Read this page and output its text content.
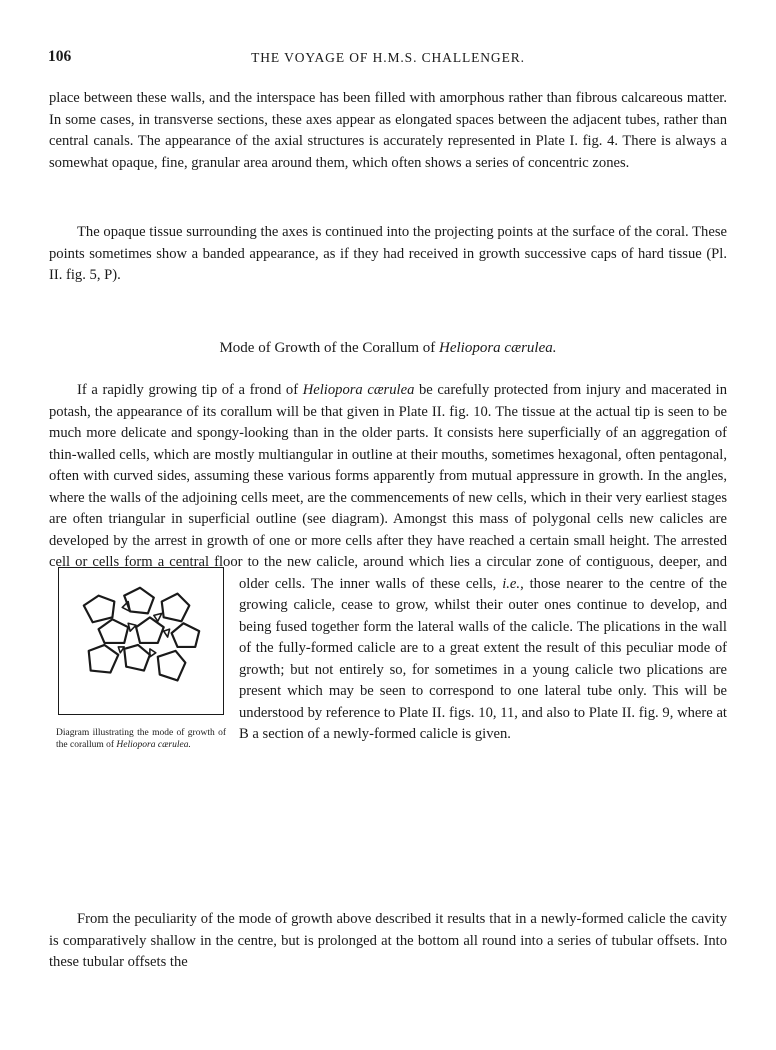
106	THE VOYAGE OF H.M.S. CHALLENGER.
place between these walls, and the interspace has been filled with amorphous rather than fibrous calcareous matter. In some cases, in transverse sections, these axes appear as elongated spaces between the adjacent tubes, rather than central canals. The appearance of the axial structures is accurately represented in Plate I. fig. 4. There is always a somewhat opaque, fine, granular area around them, which often shows a series of concentric zones.
The opaque tissue surrounding the axes is continued into the projecting points at the surface of the coral. These points sometimes show a banded appearance, as if they had received in growth successive caps of hard tissue (Pl. II. fig. 5, P).
Mode of Growth of the Corallum of Heliopora cærulea.
If a rapidly growing tip of a frond of Heliopora cærulea be carefully protected from injury and macerated in potash, the appearance of its corallum will be that given in Plate II. fig. 10. The tissue at the actual tip is seen to be much more delicate and spongy-looking than in the older parts. It consists here superficially of an aggregation of thin-walled cells, which are mostly multiangular in outline at their mouths, sometimes hexagonal, often pentagonal, often with curved sides, assuming these various forms apparently from mutual appressure in growth. In the angles, where the walls of the adjoining cells meet, are the commencements of new cells, which in their very earliest stages are often triangular in superficial outline (see diagram). Amongst this mass of polygonal cells new calicles are developed by the arrest in growth of one or more cells after they have reached a certain small height. The arrested cell or cells form a central floor to the new calicle, around which lies a circular zone of contiguous, deeper, and older cells. The inner walls of these cells,
i.e., those nearer to the centre of the growing calicle, cease to grow, whilst their outer ones continue to develop, and being fused together form the lateral walls of the calicle. The plications in the wall of the fully-formed calicle are to a great extent the result of this peculiar mode of growth; but not entirely so, for sometimes in a young calicle two plications are present which may be seen to correspond to one lateral tube only. This will be understood by reference to Plate II. figs. 10, 11, and also to Plate II. fig. 9, where at B a section of a newly-formed calicle is given.
Diagram illustrating the mode of growth of the corallum of Heliopora cærulea.
From the peculiarity of the mode of growth above described it results that in a newly-formed calicle the cavity is comparatively shallow in the centre, but is prolonged at the bottom all round into a series of tubular offsets. Into these tubular offsets the
